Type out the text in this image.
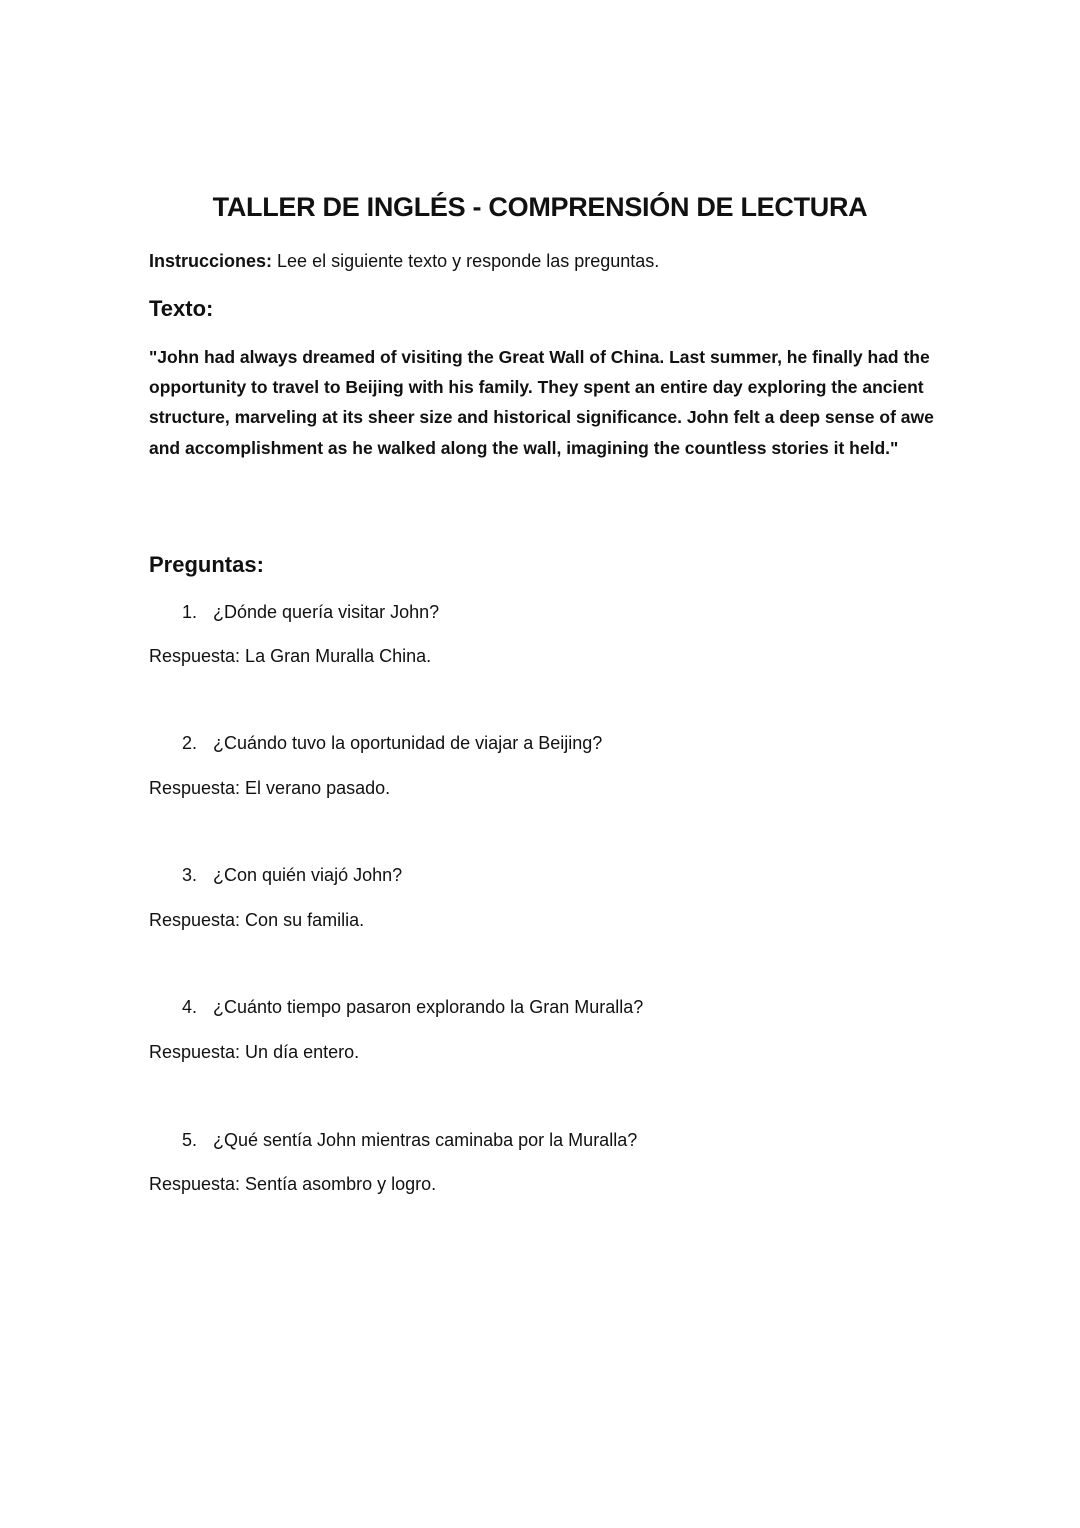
TALLER DE INGLÉS - COMPRENSIÓN DE LECTURA

Instrucciones: Lee el siguiente texto y responde las preguntas.

Texto:

"John had always dreamed of visiting the Great Wall of China. Last summer, he finally had the opportunity to travel to Beijing with his family. They spent an entire day exploring the ancient structure, marveling at its sheer size and historical significance. John felt a deep sense of awe and accomplishment as he walked along the wall, imagining the countless stories it held."

Preguntas:

1. ¿Dónde quería visitar John?

Respuesta: La Gran Muralla China.

2. ¿Cuándo tuvo la oportunidad de viajar a Beijing?

Respuesta: El verano pasado.

3. ¿Con quién viajó John?

Respuesta: Con su familia.

4. ¿Cuánto tiempo pasaron explorando la Gran Muralla?

Respuesta: Un día entero.

5. ¿Qué sentía John mientras caminaba por la Muralla?

Respuesta: Sentía asombro y logro.
